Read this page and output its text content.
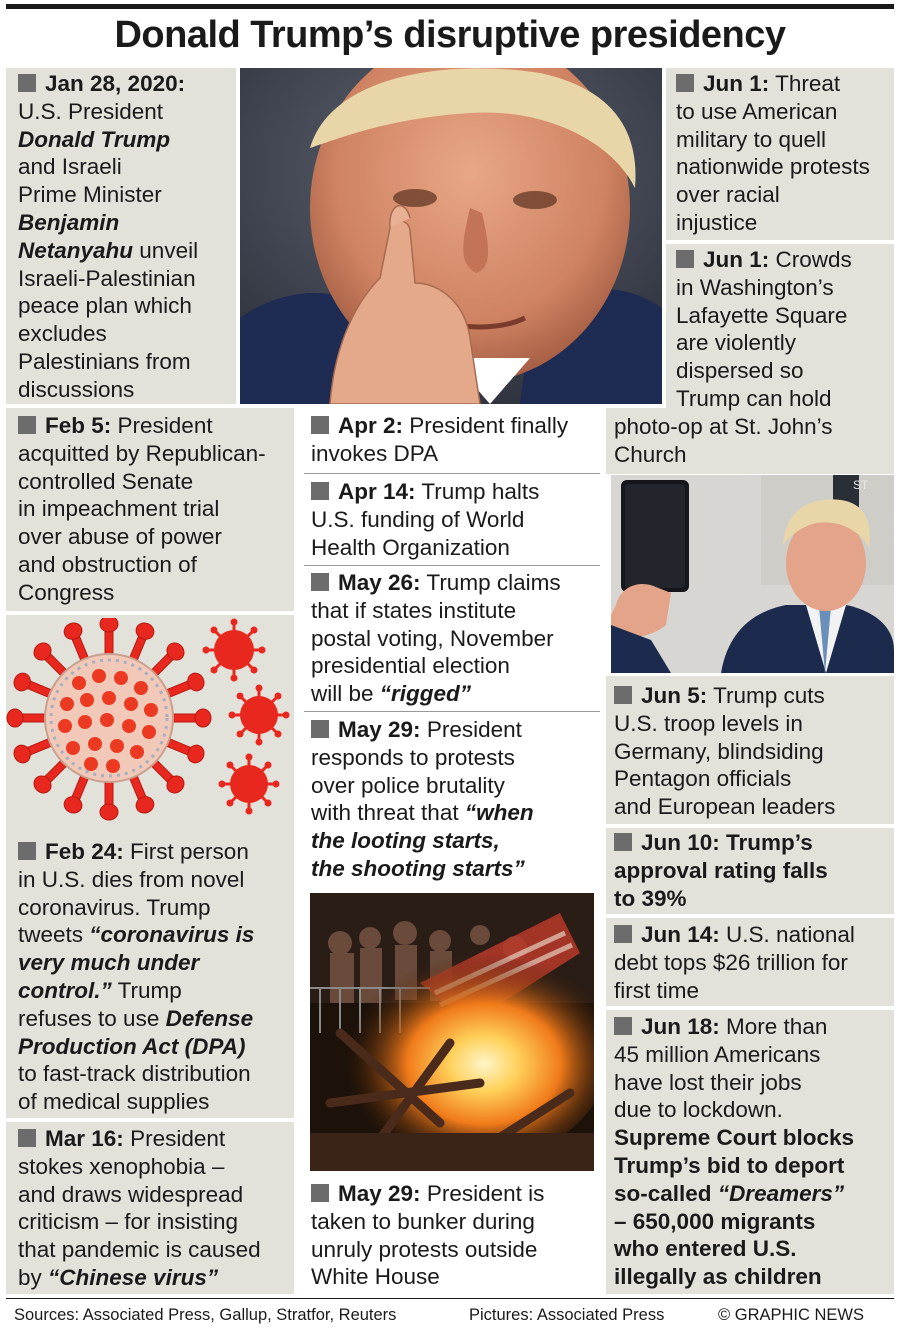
Donald Trump’s disruptive presidency
Jan 28, 2020:
U.S. President
Donald Trump
and Israeli
Prime Minister
Benjamin
Netanyahu unveil
Israeli-Palestinian
peace plan which
excludes
Palestinians from
discussions
Feb 5: President
acquitted by Republican-
controlled Senate
in impeachment trial
over abuse of power
and obstruction of
Congress
Feb 24: First person
in U.S. dies from novel
coronavirus. Trump
tweets “coronavirus is
very much under
control.” Trump
refuses to use Defense
Production Act (DPA)
to fast-track distribution
of medical supplies
Mar 16: President
stokes xenophobia –
and draws widespread
criticism – for insisting
that pandemic is caused
by “Chinese virus”
Apr 2: President finally
invokes DPA
Apr 14: Trump halts
U.S. funding of World
Health Organization
May 26: Trump claims
that if states institute
postal voting, November
presidential election
will be “rigged”
May 29: President
responds to protests
over police brutality
with threat that “when
the looting starts,
the shooting starts”
May 29: President is
taken to bunker during
unruly protests outside
White House
Jun 1: Threat
to use American
military to quell
nationwide protests
over racial
injustice
Jun 1: Crowds
in Washington’s
Lafayette Square
are violently
dispersed so
Trump can hold
photo-op at St. John’s
Church
ST
Jun 5: Trump cuts
U.S. troop levels in
Germany, blindsiding
Pentagon officials
and European leaders
Jun 10: Trump’s
approval rating falls
to 39%
Jun 14: U.S. national
debt tops $26 trillion for
first time
Jun 18: More than
45 million Americans
have lost their jobs
due to lockdown.
Supreme Court blocks
Trump’s bid to deport
so-called “Dreamers”
– 650,000 migrants
who entered U.S.
illegally as children
Sources: Associated Press, Gallup, Stratfor, Reuters	Pictures: Associated Press	© GRAPHIC NEWS
